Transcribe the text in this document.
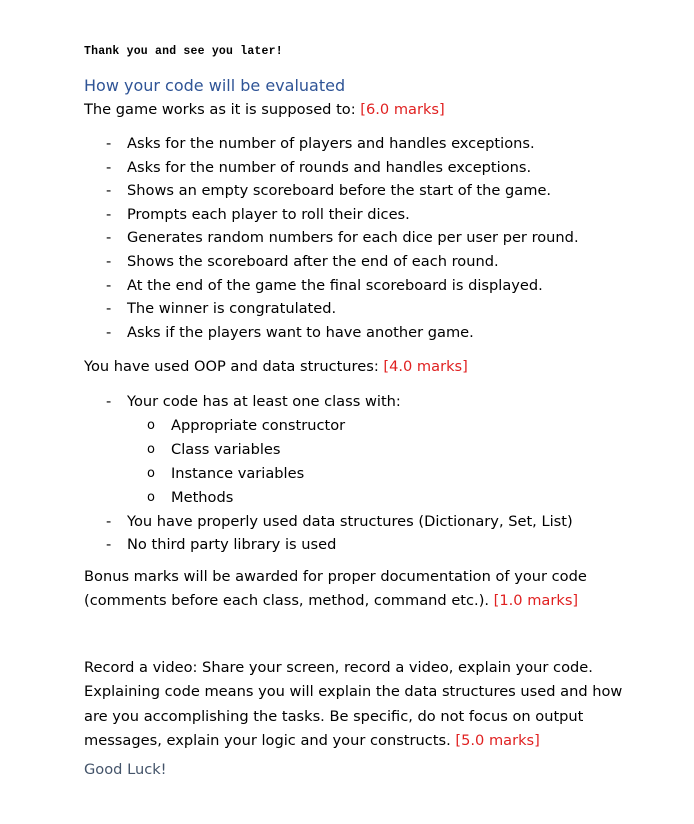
Thank you and see you later!
How your code will be evaluated
The game works as it is supposed to: [6.0 marks]
- Asks for the number of players and handles exceptions.
- Asks for the number of rounds and handles exceptions.
- Shows an empty scoreboard before the start of the game.
- Prompts each player to roll their dices.
- Generates random numbers for each dice per user per round.
- Shows the scoreboard after the end of each round.
- At the end of the game the final scoreboard is displayed.
- The winner is congratulated.
- Asks if the players want to have another game.
You have used OOP and data structures: [4.0 marks]
- Your code has at least one class with:
o Appropriate constructor
o Class variables
o Instance variables
o Methods
- You have properly used data structures (Dictionary, Set, List)
- No third party library is used
Bonus marks will be awarded for proper documentation of your code
(comments before each class, method, command etc.). [1.0 marks]
Record a video: Share your screen, record a video, explain your code.
Explaining code means you will explain the data structures used and how
are you accomplishing the tasks. Be specific, do not focus on output
messages, explain your logic and your constructs. [5.0 marks]
Good Luck!
